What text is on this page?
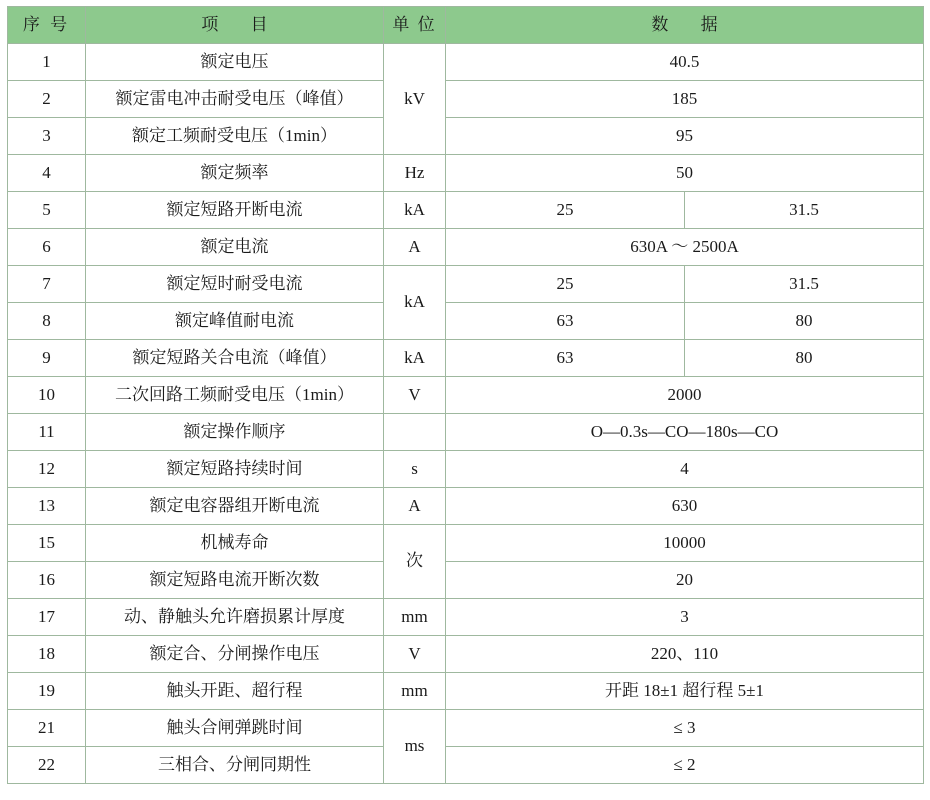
序 号	项 目	单 位	数 据	
1	额定电压	kV	40.5	
2	额定雷电冲击耐受电压（峰值）		185	
3	额定工频耐受电压（1min）		95	
4	额定频率	Hz	50	
5	额定短路开断电流	kA	25	31.5
6	额定电流	A	630A ～ 2500A	
7	额定短时耐受电流	kA	25	31.5
8	额定峰值耐电流		63	80
9	额定短路关合电流（峰值）	kA	63	80
10	二次回路工频耐受电压（1min）	V	2000	
11	额定操作顺序		O—0.3s—CO—180s—CO	
12	额定短路持续时间	s	4	
13	额定电容器组开断电流	A	630	
15	机械寿命	次	10000	
16	额定短路电流开断次数		20	
17	动、静触头允许磨损累计厚度	mm	3	
18	额定合、分闸操作电压	V	220、110	
19	触头开距、超行程	mm	开距 18±1 超行程 5±1	
21	触头合闸弹跳时间	ms	≤ 3	
22	三相合、分闸同期性		≤ 2	
